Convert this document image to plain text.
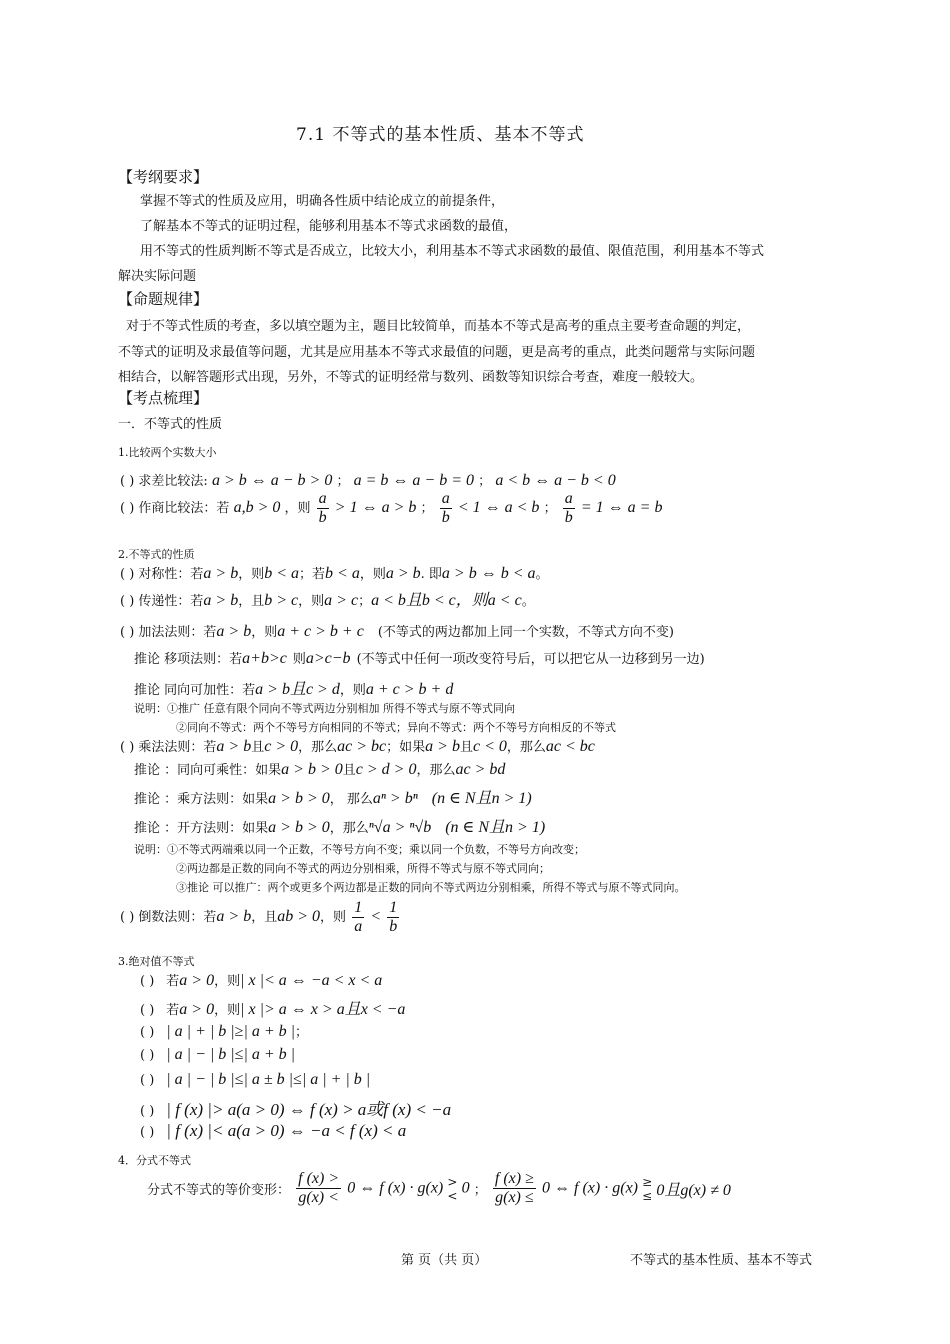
7.1 不等式的基本性质、基本不等式
【考纲要求】
掌握不等式的性质及应用，明确各性质中结论成立的前提条件，
了解基本不等式的证明过程，能够利用基本不等式求函数的最值，
用不等式的性质判断不等式是否成立，比较大小，利用基本不等式求函数的最值、限值范围，利用基本不等式
解决实际问题
【命题规律】
对于不等式性质的考查，多以填空题为主，题目比较简单，而基本不等式是高考的重点主要考查命题的判定，
不等式的证明及求最值等问题，尤其是应用基本不等式求最值的问题，更是高考的重点，此类问题常与实际问题
相结合，以解答题形式出现，另外，不等式的证明经常与数列、函数等知识综合考查，难度一般较大。
【考点梳理】
一．不等式的性质
1.比较两个实数大小
( ) 求差比较法: a > b ⇔ a − b > 0 ； a = b ⇔ a − b = 0 ； a < b ⇔ a − b < 0
( ) 作商比较法：若 a,b > 0 ，则 $\frac{a}{b} > 1$ ⇔ a > b ； $\frac{a}{b} < 1$ ⇔ a < b ； $\frac{a}{b} = 1$ ⇔ a = b
2.不等式的性质
( ) 对称性：若a > b，则b < a；若b < a，则a > b. 即a > b ⇔ b < a。
( ) 传递性：若a > b，且b > c，则a > c；a < b且b < c，则a < c。
( ) 加法法则：若a > b，则a + c > b + c (不等式的两边都加上同一个实数，不等式方向不变)
推论 移项法则：若a+b>c 则a>c−b (不等式中任何一项改变符号后，可以把它从一边移到另一边)
推论 同向可加性：若a > b且c > d，则a + c > b + d
说明：①推广 任意有限个同向不等式两边分别相加 所得不等式与原不等式同向
②同向不等式：两个不等号方向相同的不等式；异向不等式：两个不等号方向相反的不等式
( ) 乘法法则：若a > b且c > 0，那么ac > bc；如果a > b且c < 0，那么ac < bc
推论 ：同向可乘性：如果a > b > 0且c > d > 0，那么ac > bd
推论 ：乘方法则：如果a > b > 0， 那么aⁿ > bⁿ (n ∈ N且n > 1)
推论 ：开方法则：如果a > b > 0，那么ⁿ√a > ⁿ√b (n ∈ N且n > 1)
说明：①不等式两端乘以同一个正数，不等号方向不变；乘以同一个负数，不等号方向改变；
②两边都是正数的同向不等式的两边分别相乘，所得不等式与原不等式同向；
③推论 可以推广：两个或更多个两边都是正数的同向不等式两边分别相乘，所得不等式与原不等式同向。
( ) 倒数法则：若a > b，且ab > 0，则 $\frac{1}{a} < \frac{1}{b}$
3.绝对值不等式
( ) 若a > 0，则| x |< a ⇔ −a < x < a
( ) 若a > 0，则| x |> a ⇔ x > a且x < −a
( ) | a | + | b |≥| a + b |；
( ) | a | − | b |≤| a + b |
( ) | a | − | b |≤| a ± b |≤| a | + | b |
( ) | f (x) |> a(a > 0) ⇔ f (x) > a或f (x) < −a
( ) | f (x) |< a(a > 0) ⇔ −a < f (x) < a
4．分式不等式
分式不等式的等价变形： $\frac{f (x) >}{g(x) <} 0$ ⇔ f (x) · g(x) >
< 0 ； $\frac{f (x) \ge}{g(x) \le} 0$ ⇔ f (x) · g(x) ≥
≤ 0且g(x) ≠ 0
第 页（共 页）	不等式的基本性质、基本不等式
